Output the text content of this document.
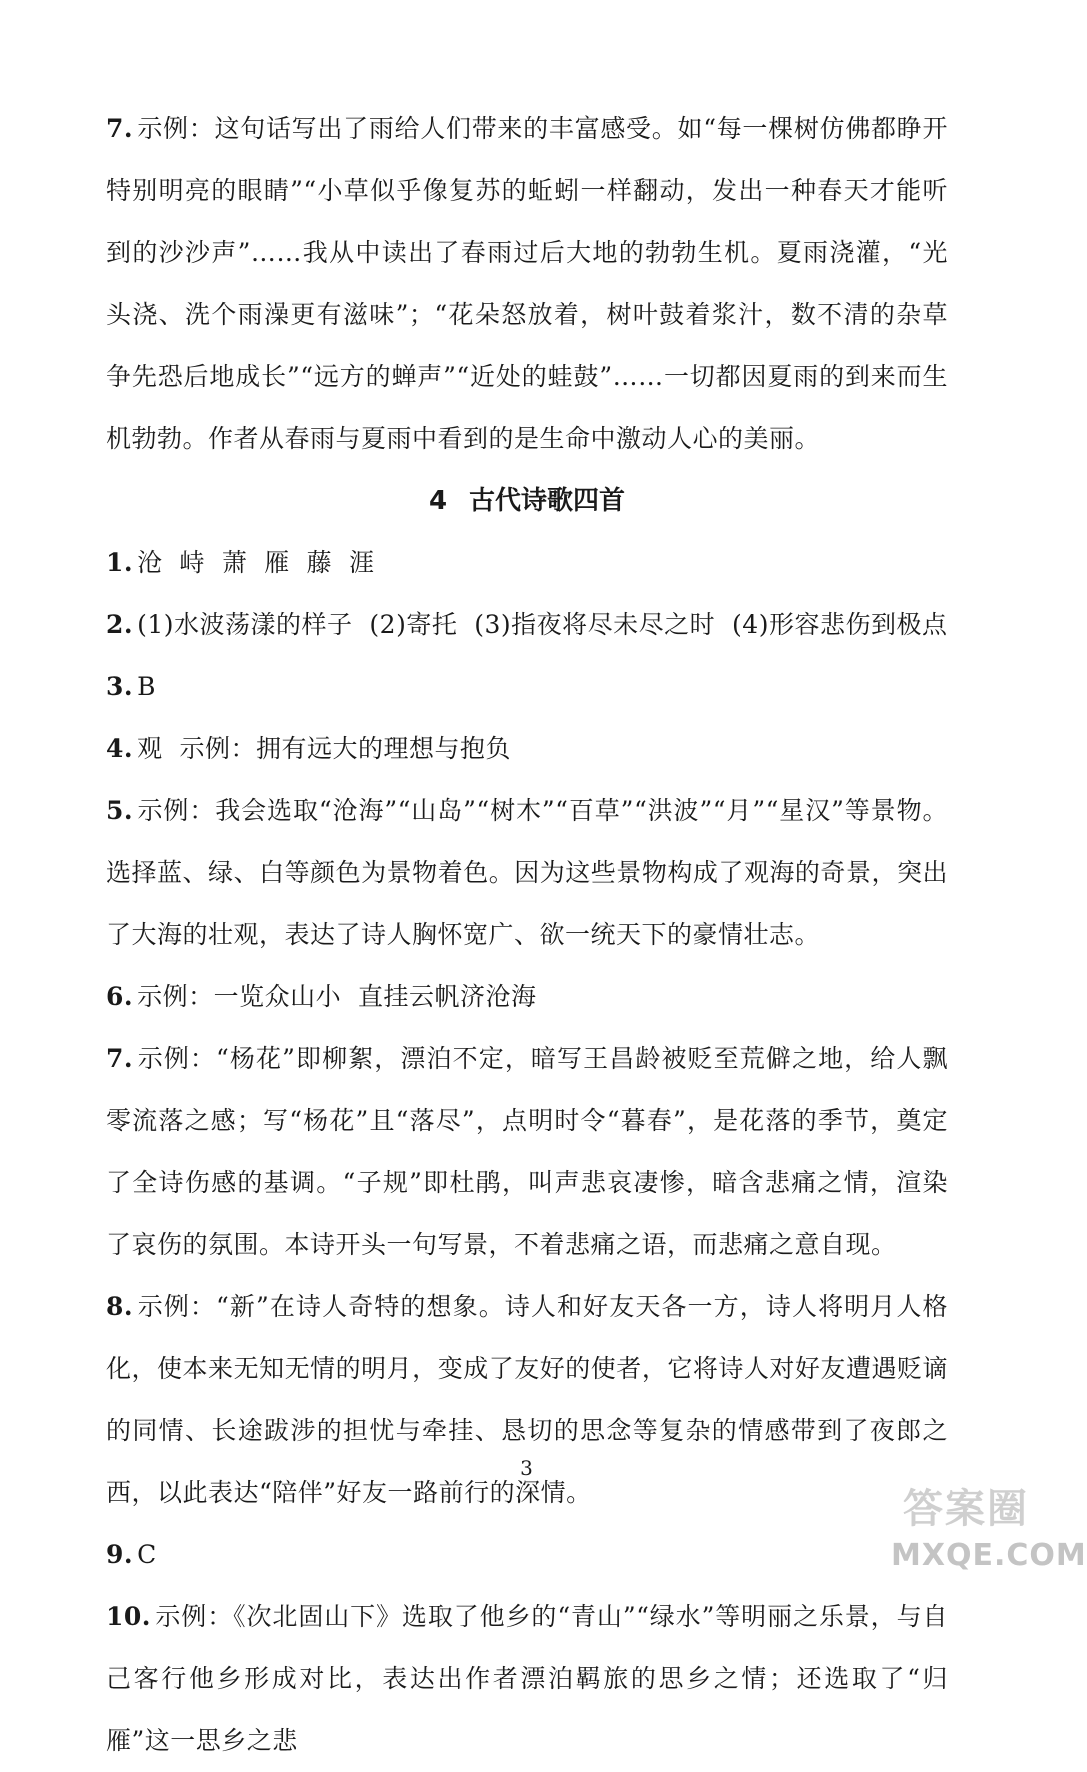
7. 示例：这句话写出了雨给人们带来的丰富感受。如“每一棵树仿佛都睁开特别明亮的眼睛”“小草似乎像复苏的蚯蚓一样翻动，发出一种春天才能听到的沙沙声”……我从中读出了春雨过后大地的勃勃生机。夏雨浇灌，“光头浇、洗个雨澡更有滋味”；“花朵怒放着，树叶鼓着浆汁，数不清的杂草争先恐后地成长”“远方的蝉声”“近处的蛙鼓”……一切都因夏雨的到来而生机勃勃。作者从春雨与夏雨中看到的是生命中激动人心的美丽。

4 古代诗歌四首

1. 沧  峙  萧  雁  藤  涯

2. (1)水波荡漾的样子  (2)寄托  (3)指夜将尽未尽之时  (4)形容悲伤到极点

3. B

4. 观  示例：拥有远大的理想与抱负

5. 示例：我会选取“沧海”“山岛”“树木”“百草”“洪波”“月”“星汉”等景物。选择蓝、绿、白等颜色为景物着色。因为这些景物构成了观海的奇景，突出了大海的壮观，表达了诗人胸怀宽广、欲一统天下的豪情壮志。

6. 示例：一览众山小  直挂云帆济沧海

7. 示例：“杨花”即柳絮，漂泊不定，暗写王昌龄被贬至荒僻之地，给人飘零流落之感；写“杨花”且“落尽”，点明时令“暮春”，是花落的季节，奠定了全诗伤感的基调。“子规”即杜鹃，叫声悲哀凄惨，暗含悲痛之情，渲染了哀伤的氛围。本诗开头一句写景，不着悲痛之语，而悲痛之意自现。

8. 示例：“新”在诗人奇特的想象。诗人和好友天各一方，诗人将明月人格化，使本来无知无情的明月，变成了友好的使者，它将诗人对好友遭遇贬谪的同情、长途跋涉的担忧与牵挂、恳切的思念等复杂的情感带到了夜郎之西，以此表达“陪伴”好友一路前行的深情。

9. C

10. 示例：《次北固山下》选取了他乡的“青山”“绿水”等明丽之乐景，与自己客行他乡形成对比，表达出作者漂泊羁旅的思乡之情；还选取了“归雁”这一思乡之悲

3
答案圈
MXQE.COM
